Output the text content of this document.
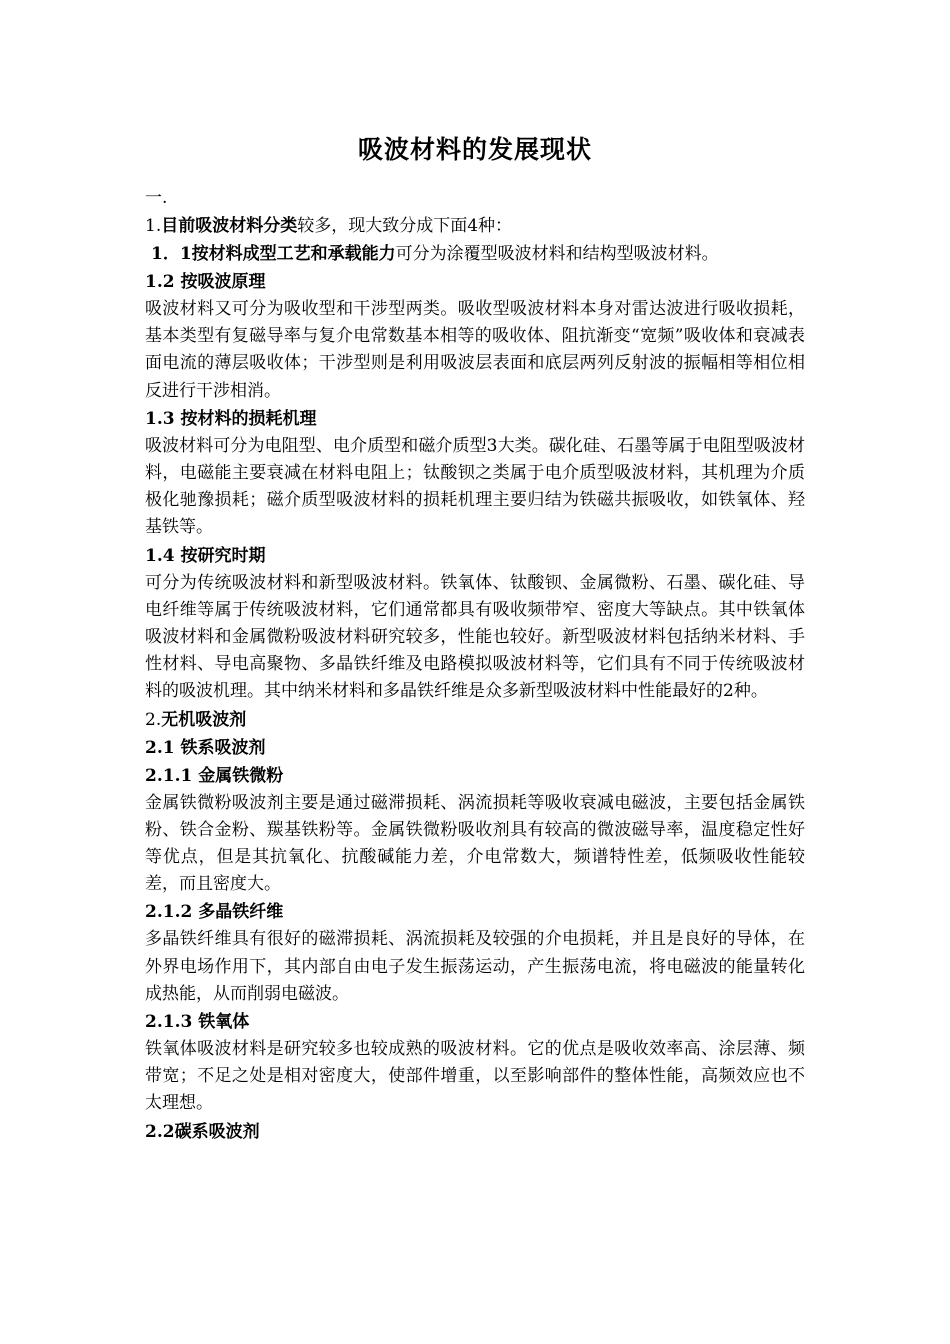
吸波材料的发展现状

一.

1.目前吸波材料分类较多，现大致分成下面4种：

1．1按材料成型工艺和承载能力可分为涂覆型吸波材料和结构型吸波材料。

1.2 按吸波原理

吸波材料又可分为吸收型和干涉型两类。吸收型吸波材料本身对雷达波进行吸收损耗，基本类型有复磁导率与复介电常数基本相等的吸收体、阻抗渐变“宽频”吸收体和衰减表面电流的薄层吸收体；干涉型则是利用吸波层表面和底层两列反射波的振幅相等相位相反进行干涉相消。

1.3 按材料的损耗机理

吸波材料可分为电阻型、电介质型和磁介质型3大类。碳化硅、石墨等属于电阻型吸波材料，电磁能主要衰减在材料电阻上；钛酸钡之类属于电介质型吸波材料，其机理为介质极化驰豫损耗；磁介质型吸波材料的损耗机理主要归结为铁磁共振吸收，如铁氧体、羟基铁等。

1.4 按研究时期

可分为传统吸波材料和新型吸波材料。铁氧体、钛酸钡、金属微粉、石墨、碳化硅、导电纤维等属于传统吸波材料，它们通常都具有吸收频带窄、密度大等缺点。其中铁氧体吸波材料和金属微粉吸波材料研究较多，性能也较好。新型吸波材料包括纳米材料、手性材料、导电高聚物、多晶铁纤维及电路模拟吸波材料等，它们具有不同于传统吸波材料的吸波机理。其中纳米材料和多晶铁纤维是众多新型吸波材料中性能最好的2种。

2.无机吸波剂

2.1 铁系吸波剂

2.1.1 金属铁微粉

金属铁微粉吸波剂主要是通过磁滞损耗、涡流损耗等吸收衰减电磁波，主要包括金属铁粉、铁合金粉、羰基铁粉等。金属铁微粉吸收剂具有较高的微波磁导率，温度稳定性好等优点，但是其抗氧化、抗酸碱能力差，介电常数大，频谱特性差，低频吸收性能较差，而且密度大。

2.1.2 多晶铁纤维

多晶铁纤维具有很好的磁滞损耗、涡流损耗及较强的介电损耗，并且是良好的导体，在外界电场作用下，其内部自由电子发生振荡运动，产生振荡电流，将电磁波的能量转化成热能，从而削弱电磁波。

2.1.3 铁氧体

铁氧体吸波材料是研究较多也较成熟的吸波材料。它的优点是吸收效率高、涂层薄、频带宽；不足之处是相对密度大，使部件增重，以至影响部件的整体性能，高频效应也不太理想。

2.2碳系吸波剂
